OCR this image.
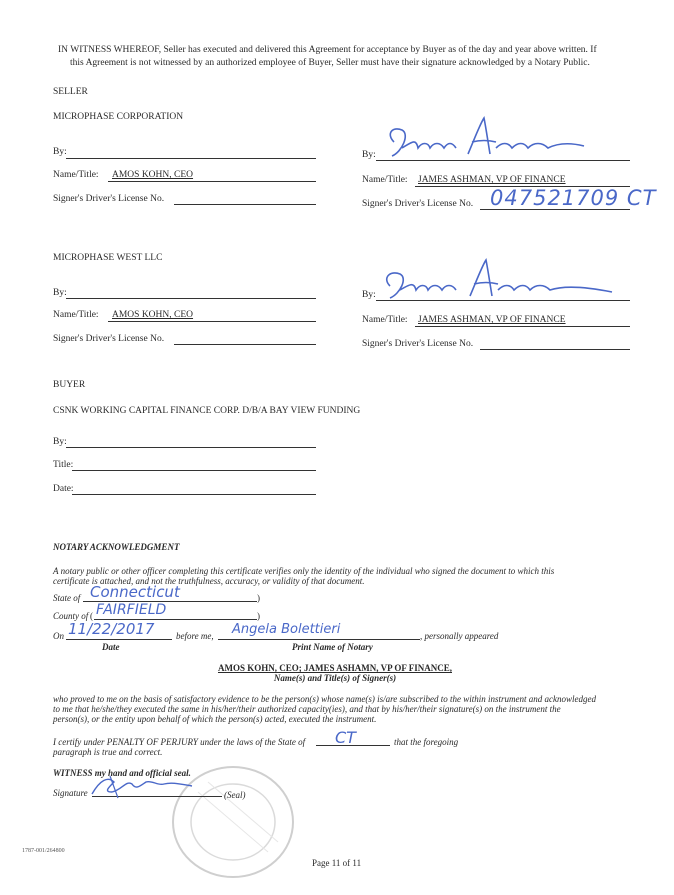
IN WITNESS WHEREOF, Seller has executed and delivered this Agreement for acceptance by Buyer as of the day and year above written. If
this Agreement is not witnessed by an authorized employee of Buyer, Seller must have their signature acknowledged by a Notary Public.
SELLER
MICROPHASE CORPORATION
By:
Name/Title: AMOS KOHN, CEO
Signer's Driver's License No.
By:
Name/Title: JAMES ASHMAN, VP OF FINANCE
Signer's Driver's License No. 047521709 CT
MICROPHASE WEST LLC
By:
Name/Title: AMOS KOHN, CEO
Signer's Driver's License No.
By:
Name/Title: JAMES ASHMAN, VP OF FINANCE
Signer's Driver's License No.
BUYER
CSNK WORKING CAPITAL FINANCE CORP. D/B/A BAY VIEW FUNDING
By:
Title:
Date:
NOTARY ACKNOWLEDGMENT
A notary public or other officer completing this certificate verifies only the identity of the individual who signed the document to which this
certificate is attached, and not the truthfulness, accuracy, or validity of that document.
State of	)
Connecticut
County of (	)
FAIRFIELD
On 11/22/2017 before me, Angela Bolettieri	, personally appeared
Date	Print Name of Notary
AMOS KOHN, CEO; JAMES ASHAMN, VP OF FINANCE,
Name(s) and Title(s) of Signer(s)
who proved to me on the basis of satisfactory evidence to be the person(s) whose name(s) is/are subscribed to the within instrument and acknowledged
to me that he/she/they executed the same in his/her/their authorized capacity(ies), and that by his/her/their signature(s) on the instrument the
person(s), or the entity upon behalf of which the person(s) acted, executed the instrument.
I certify under PENALTY OF PERJURY under the laws of the State of CT	that the foregoing
paragraph is true and correct.
WITNESS my hand and official seal.
Signature	(Seal)
1787-001/264800
Page 11 of 11
